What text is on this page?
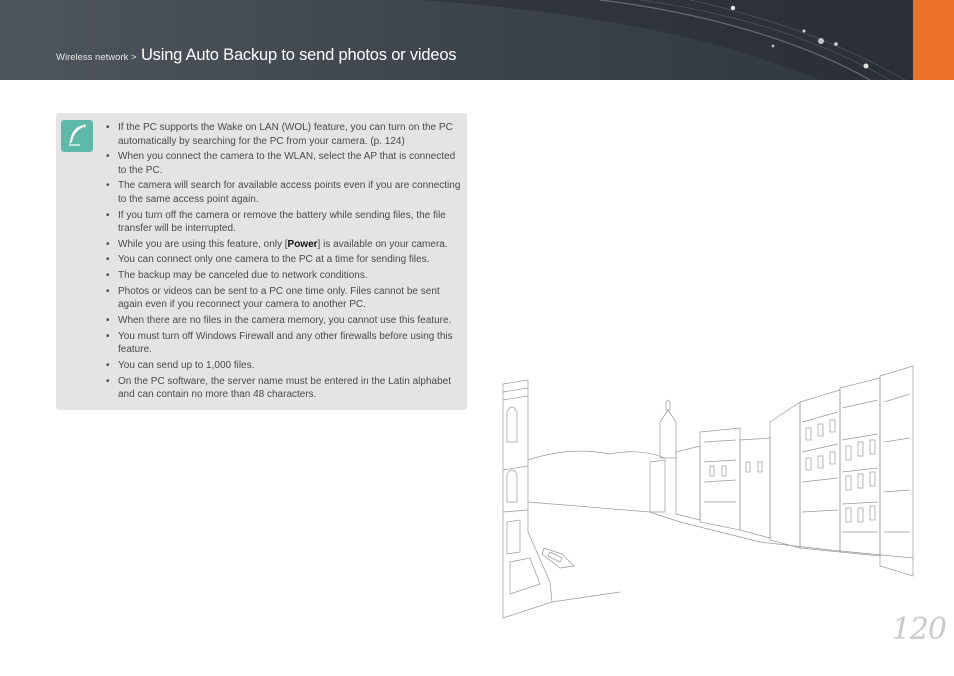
Wireless network > Using Auto Backup to send photos or videos
• If the PC supports the Wake on LAN (WOL) feature, you can turn on the PC automatically by searching for the PC from your camera. (p. 124)
• When you connect the camera to the WLAN, select the AP that is connected to the PC.
• The camera will search for available access points even if you are connecting to the same access point again.
• If you turn off the camera or remove the battery while sending files, the file transfer will be interrupted.
• While you are using this feature, only [Power] is available on your camera.
• You can connect only one camera to the PC at a time for sending files.
• The backup may be canceled due to network conditions.
• Photos or videos can be sent to a PC one time only. Files cannot be sent again even if you reconnect your camera to another PC.
• When there are no files in the camera memory, you cannot use this feature.
• You must turn off Windows Firewall and any other firewalls before using this feature.
• You can send up to 1,000 files.
• On the PC software, the server name must be entered in the Latin alphabet and can contain no more than 48 characters.
120
